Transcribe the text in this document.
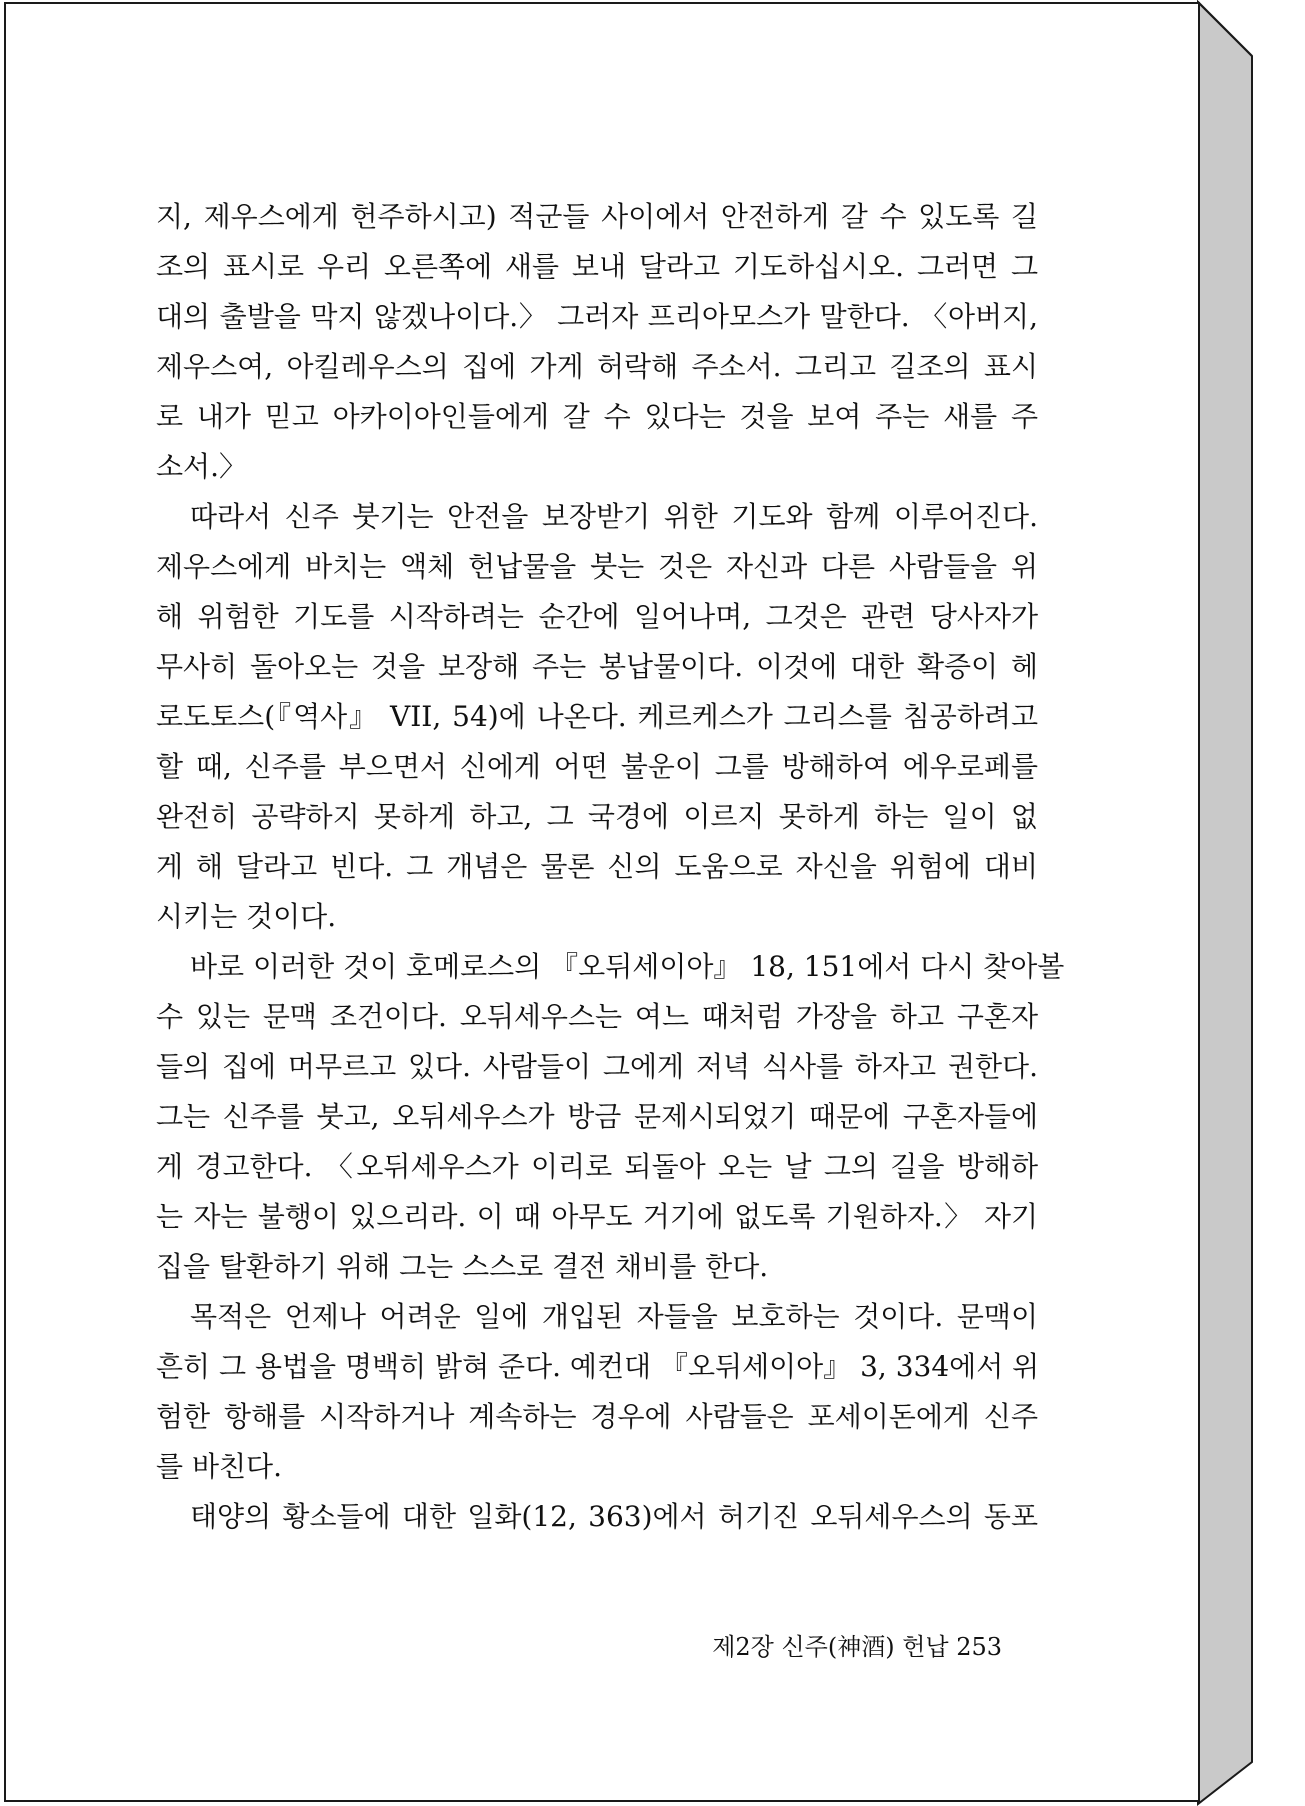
지, 제우스에게 헌주하시고) 적군들 사이에서 안전하게 갈 수 있도록 길
조의 표시로 우리 오른쪽에 새를 보내 달라고 기도하십시오. 그러면 그
대의 출발을 막지 않겠나이다.〉 그러자 프리아모스가 말한다. 〈아버지,
제우스여, 아킬레우스의 집에 가게 허락해 주소서. 그리고 길조의 표시
로 내가 믿고 아카이아인들에게 갈 수 있다는 것을 보여 주는 새를 주
소서.〉
따라서 신주 붓기는 안전을 보장받기 위한 기도와 함께 이루어진다.
제우스에게 바치는 액체 헌납물을 붓는 것은 자신과 다른 사람들을 위
해 위험한 기도를 시작하려는 순간에 일어나며, 그것은 관련 당사자가
무사히 돌아오는 것을 보장해 주는 봉납물이다. 이것에 대한 확증이 헤
로도토스(『역사』 VII, 54)에 나온다. 케르케스가 그리스를 침공하려고
할 때, 신주를 부으면서 신에게 어떤 불운이 그를 방해하여 에우로페를
완전히 공략하지 못하게 하고, 그 국경에 이르지 못하게 하는 일이 없
게 해 달라고 빈다. 그 개념은 물론 신의 도움으로 자신을 위험에 대비
시키는 것이다.
바로 이러한 것이 호메로스의 『오뒤세이아』 18, 151에서 다시 찾아볼
수 있는 문맥 조건이다. 오뒤세우스는 여느 때처럼 가장을 하고 구혼자
들의 집에 머무르고 있다. 사람들이 그에게 저녁 식사를 하자고 권한다.
그는 신주를 붓고, 오뒤세우스가 방금 문제시되었기 때문에 구혼자들에
게 경고한다. 〈오뒤세우스가 이리로 되돌아 오는 날 그의 길을 방해하
는 자는 불행이 있으리라. 이 때 아무도 거기에 없도록 기원하자.〉 자기
집을 탈환하기 위해 그는 스스로 결전 채비를 한다.
목적은 언제나 어려운 일에 개입된 자들을 보호하는 것이다. 문맥이
흔히 그 용법을 명백히 밝혀 준다. 예컨대 『오뒤세이아』 3, 334에서 위
험한 항해를 시작하거나 계속하는 경우에 사람들은 포세이돈에게 신주
를 바친다.
태양의 황소들에 대한 일화(12, 363)에서 허기진 오뒤세우스의 동포
제2장 신주(神酒) 헌납 253
